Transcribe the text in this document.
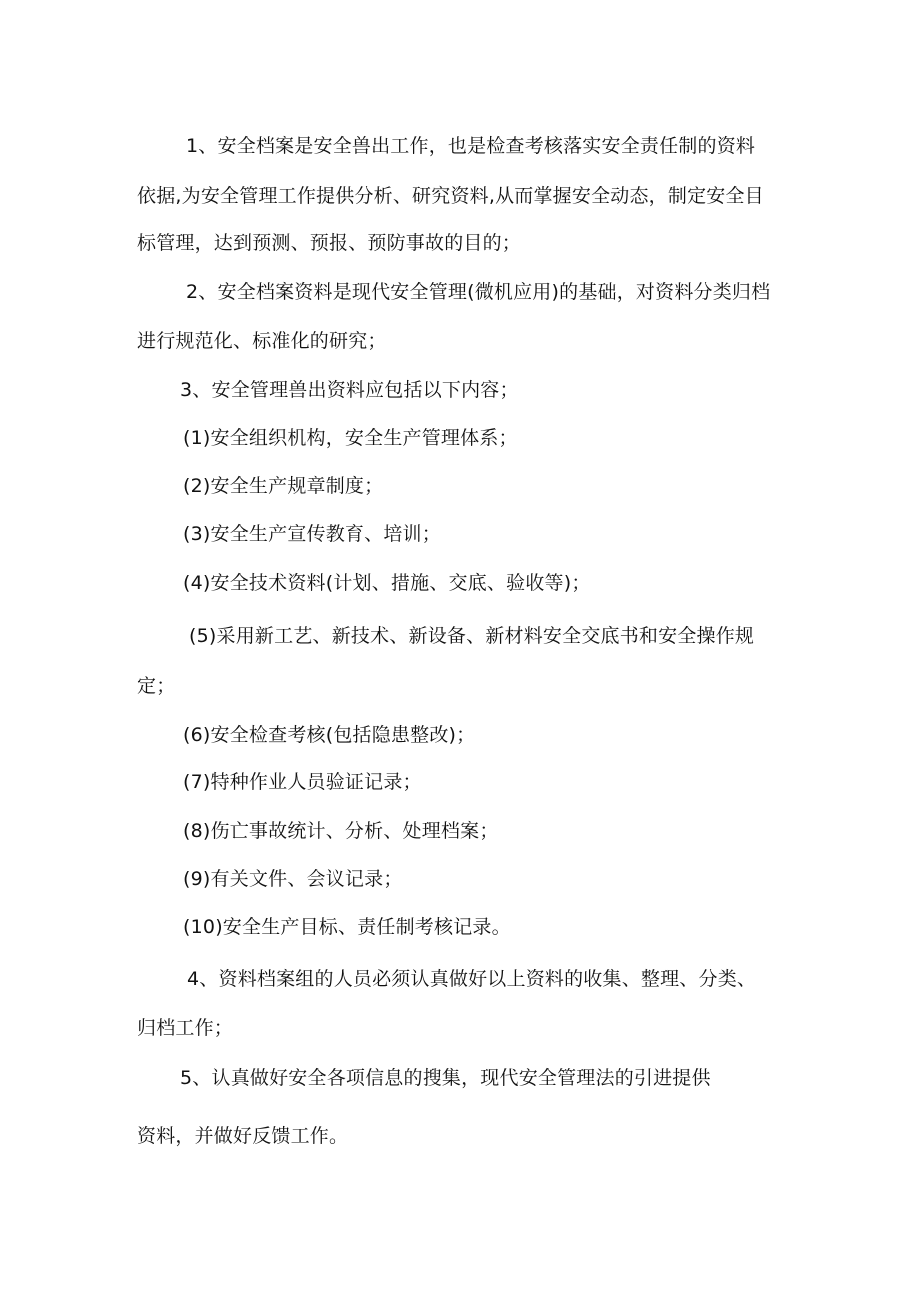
1、安全档案是安全兽出工作，也是检查考核落实安全责任制的资料
依据,为安全管理工作提供分析、研究资料,从而掌握安全动态，制定安全目
标管理，达到预测、预报、预防事故的目的；
2、安全档案资料是现代安全管理(微机应用)的基础，对资料分类归档
进行规范化、标准化的研究；
3、安全管理兽出资料应包括以下内容；
(1)安全组织机构，安全生产管理体系；
(2)安全生产规章制度；
(3)安全生产宣传教育、培训；
(4)安全技术资料(计划、措施、交底、验收等)；
(5)采用新工艺、新技术、新设备、新材料安全交底书和安全操作规
定；
(6)安全检查考核(包括隐患整改)；
(7)特种作业人员验证记录；
(8)伤亡事故统计、分析、处理档案；
(9)有关文件、会议记录；
(10)安全生产目标、责任制考核记录。
4、资料档案组的人员必须认真做好以上资料的收集、整理、分类、
归档工作；
5、认真做好安全各项信息的搜集，现代安全管理法的引进提供
资料，并做好反馈工作。
